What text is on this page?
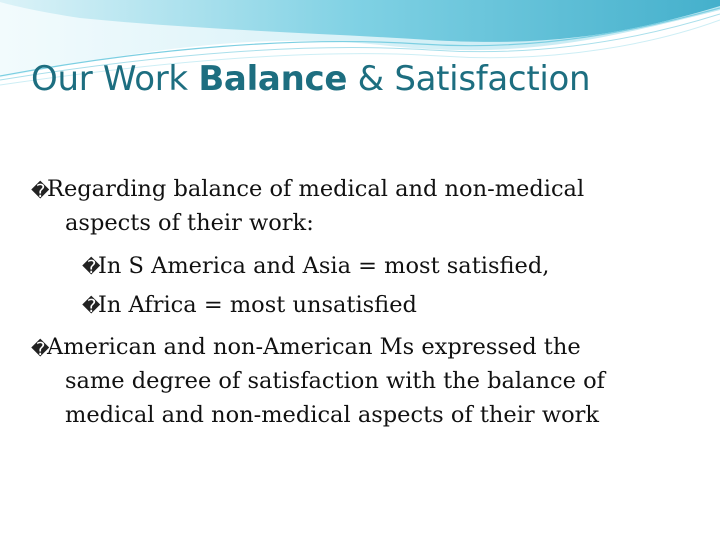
Our Work Balance & Satisfaction
�

Regarding balance of medical and non-medical

aspects of their work:

�

In S America and Asia = most satisfied,

�

In Africa = most unsatisfied

�

American and non-American Ms expressed the

same degree of satisfaction with the balance of

medical and non-medical aspects of their work
